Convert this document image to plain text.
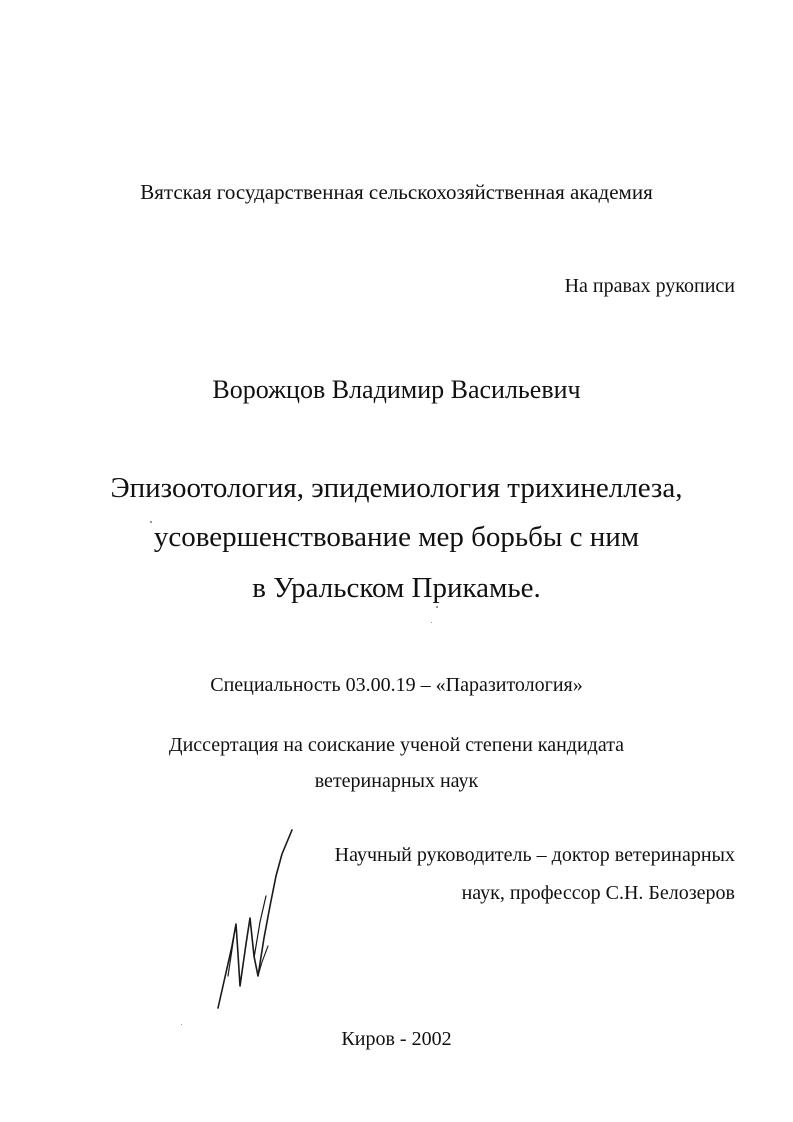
Вятская государственная сельскохозяйственная академия
На правах рукописи
Ворожцов Владимир Васильевич
Эпизоотология, эпидемиология трихинеллеза,
усовершенствование мер борьбы с ним
в Уральском Прикамье.
Специальность 03.00.19 – «Паразитология»
Диссертация на соискание ученой степени кандидата
ветеринарных наук
Научный руководитель – доктор ветеринарных
наук, профессор С.Н. Белозеров
Киров - 2002
